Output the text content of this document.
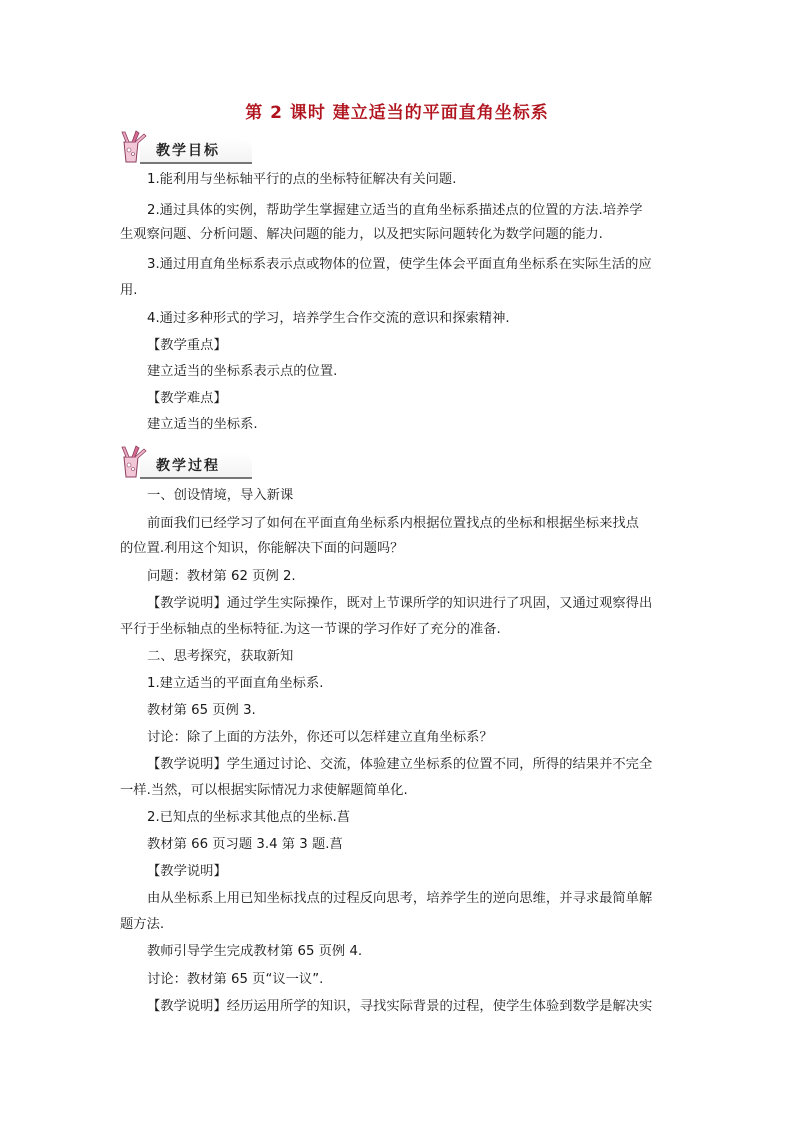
第 2 课时 建立适当的平面直角坐标系
教学目标
1.能利用与坐标轴平行的点的坐标特征解决有关问题.
2.通过具体的实例，帮助学生掌握建立适当的直角坐标系描述点的位置的方法.培养学
生观察问题、分析问题、解决问题的能力，以及把实际问题转化为数学问题的能力.
3.通过用直角坐标系表示点或物体的位置，使学生体会平面直角坐标系在实际生活的应
用.
4.通过多种形式的学习，培养学生合作交流的意识和探索精神.
【教学重点】
建立适当的坐标系表示点的位置.
【教学难点】
建立适当的坐标系.
教学过程
一、创设情境，导入新课
前面我们已经学习了如何在平面直角坐标系内根据位置找点的坐标和根据坐标来找点
的位置.利用这个知识，你能解决下面的问题吗？
问题：教材第 62 页例 2.
【教学说明】通过学生实际操作，既对上节课所学的知识进行了巩固，又通过观察得出
平行于坐标轴点的坐标特征.为这一节课的学习作好了充分的准备.
二、思考探究，获取新知
1.建立适当的平面直角坐标系.
教材第 65 页例 3.
讨论：除了上面的方法外，你还可以怎样建立直角坐标系？
【教学说明】学生通过讨论、交流，体验建立坐标系的位置不同，所得的结果并不完全
一样.当然，可以根据实际情况力求使解题简单化.
2.已知点的坐标求其他点的坐标.菖
教材第 66 页习题 3.4 第 3 题.菖
【教学说明】
由从坐标系上用已知坐标找点的过程反向思考，培养学生的逆向思维，并寻求最简单解
题方法.
教师引导学生完成教材第 65 页例 4.
讨论：教材第 65 页“议一议”.
【教学说明】经历运用所学的知识，寻找实际背景的过程，使学生体验到数学是解决实
